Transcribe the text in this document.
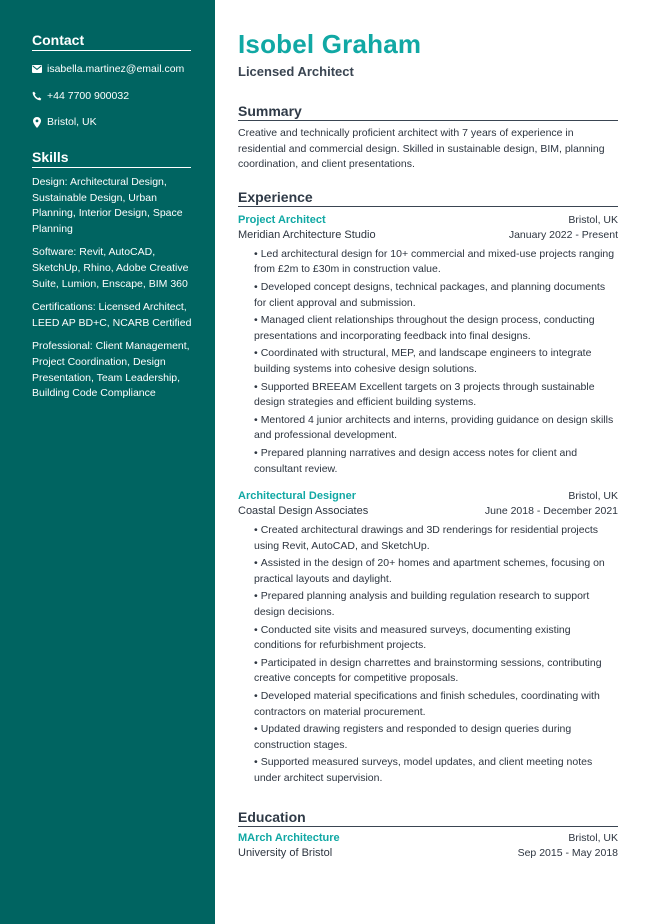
Contact
isabella.martinez@email.com
+44 7700 900032
Bristol, UK
Skills
Design: Architectural Design, Sustainable Design, Urban Planning, Interior Design, Space Planning
Software: Revit, AutoCAD, SketchUp, Rhino, Adobe Creative Suite, Lumion, Enscape, BIM 360
Certifications: Licensed Architect, LEED AP BD+C, NCARB Certified
Professional: Client Management, Project Coordination, Design Presentation, Team Leadership, Building Code Compliance
Isobel Graham
Licensed Architect
Summary
Creative and technically proficient architect with 7 years of experience in residential and commercial design. Skilled in sustainable design, BIM, planning coordination, and client presentations.
Experience
Project Architect	Bristol, UK
Meridian Architecture Studio	January 2022 - Present
• Led architectural design for 10+ commercial and mixed-use projects ranging from £2m to £30m in construction value.
• Developed concept designs, technical packages, and planning documents for client approval and submission.
• Managed client relationships throughout the design process, conducting presentations and incorporating feedback into final designs.
• Coordinated with structural, MEP, and landscape engineers to integrate building systems into cohesive design solutions.
• Supported BREEAM Excellent targets on 3 projects through sustainable design strategies and efficient building systems.
• Mentored 4 junior architects and interns, providing guidance on design skills and professional development.
• Prepared planning narratives and design access notes for client and consultant review.
Architectural Designer	Bristol, UK
Coastal Design Associates	June 2018 - December 2021
• Created architectural drawings and 3D renderings for residential projects using Revit, AutoCAD, and SketchUp.
• Assisted in the design of 20+ homes and apartment schemes, focusing on practical layouts and daylight.
• Prepared planning analysis and building regulation research to support design decisions.
• Conducted site visits and measured surveys, documenting existing conditions for refurbishment projects.
• Participated in design charrettes and brainstorming sessions, contributing creative concepts for competitive proposals.
• Developed material specifications and finish schedules, coordinating with contractors on material procurement.
• Updated drawing registers and responded to design queries during construction stages.
• Supported measured surveys, model updates, and client meeting notes under architect supervision.
Education
MArch Architecture	Bristol, UK
University of Bristol	Sep 2015 - May 2018
